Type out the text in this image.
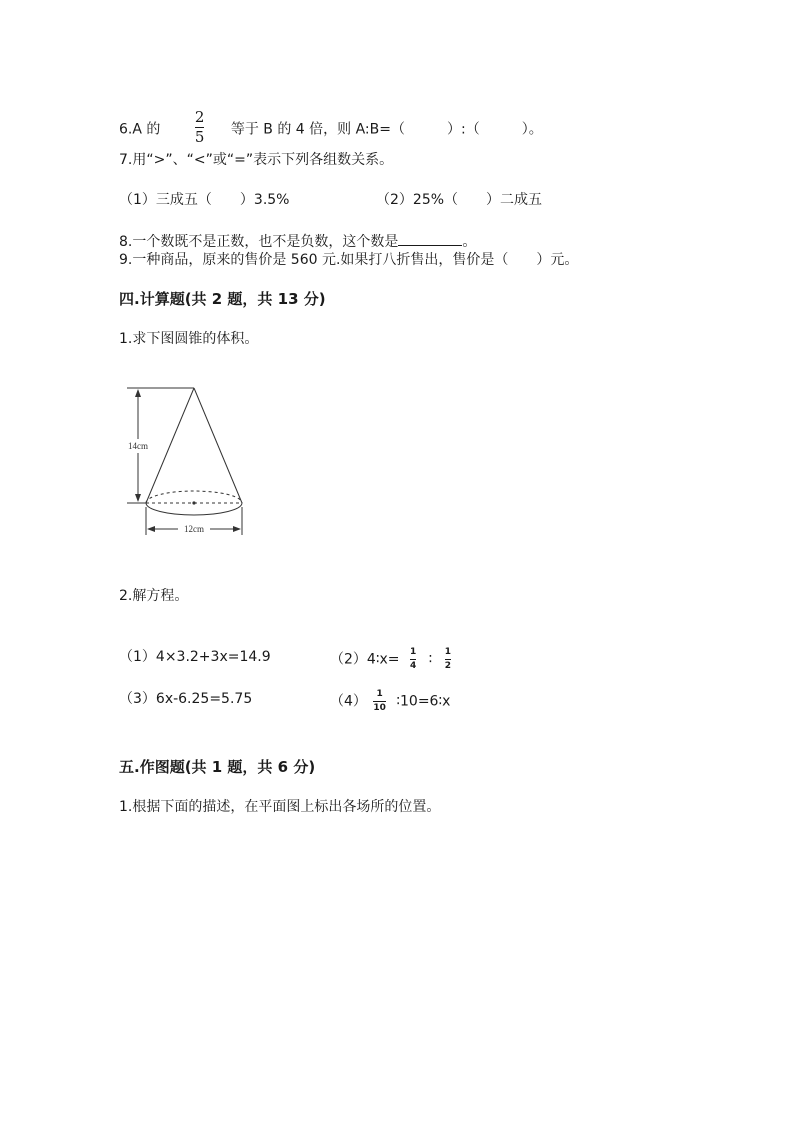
6.A 的 $\frac{2}{5}$ 等于 B 的 4 倍，则 A:B=（　　　）:（　　　）。
7.用“>”、“<”或“=”表示下列各组数关系。
（1）三成五（　　）3.5%	（2）25%（　　）二成五
8.一个数既不是正数，也不是负数，这个数是	。
9.一种商品，原来的售价是 560 元.如果打八折售出，售价是（　　）元。
四.计算题(共 2 题，共 13 分)
1.求下图圆锥的体积。
14cm
12cm
2.解方程。
（1）4×3.2+3x=14.9	（2）4∶x= $\frac{1}{4}$ ∶ $\frac{1}{2}$
（3）6x-6.25=5.75	$(4) \frac{1}{10}$ ∶10=6∶x
五.作图题(共 1 题，共 6 分)
1.根据下面的描述，在平面图上标出各场所的位置。
